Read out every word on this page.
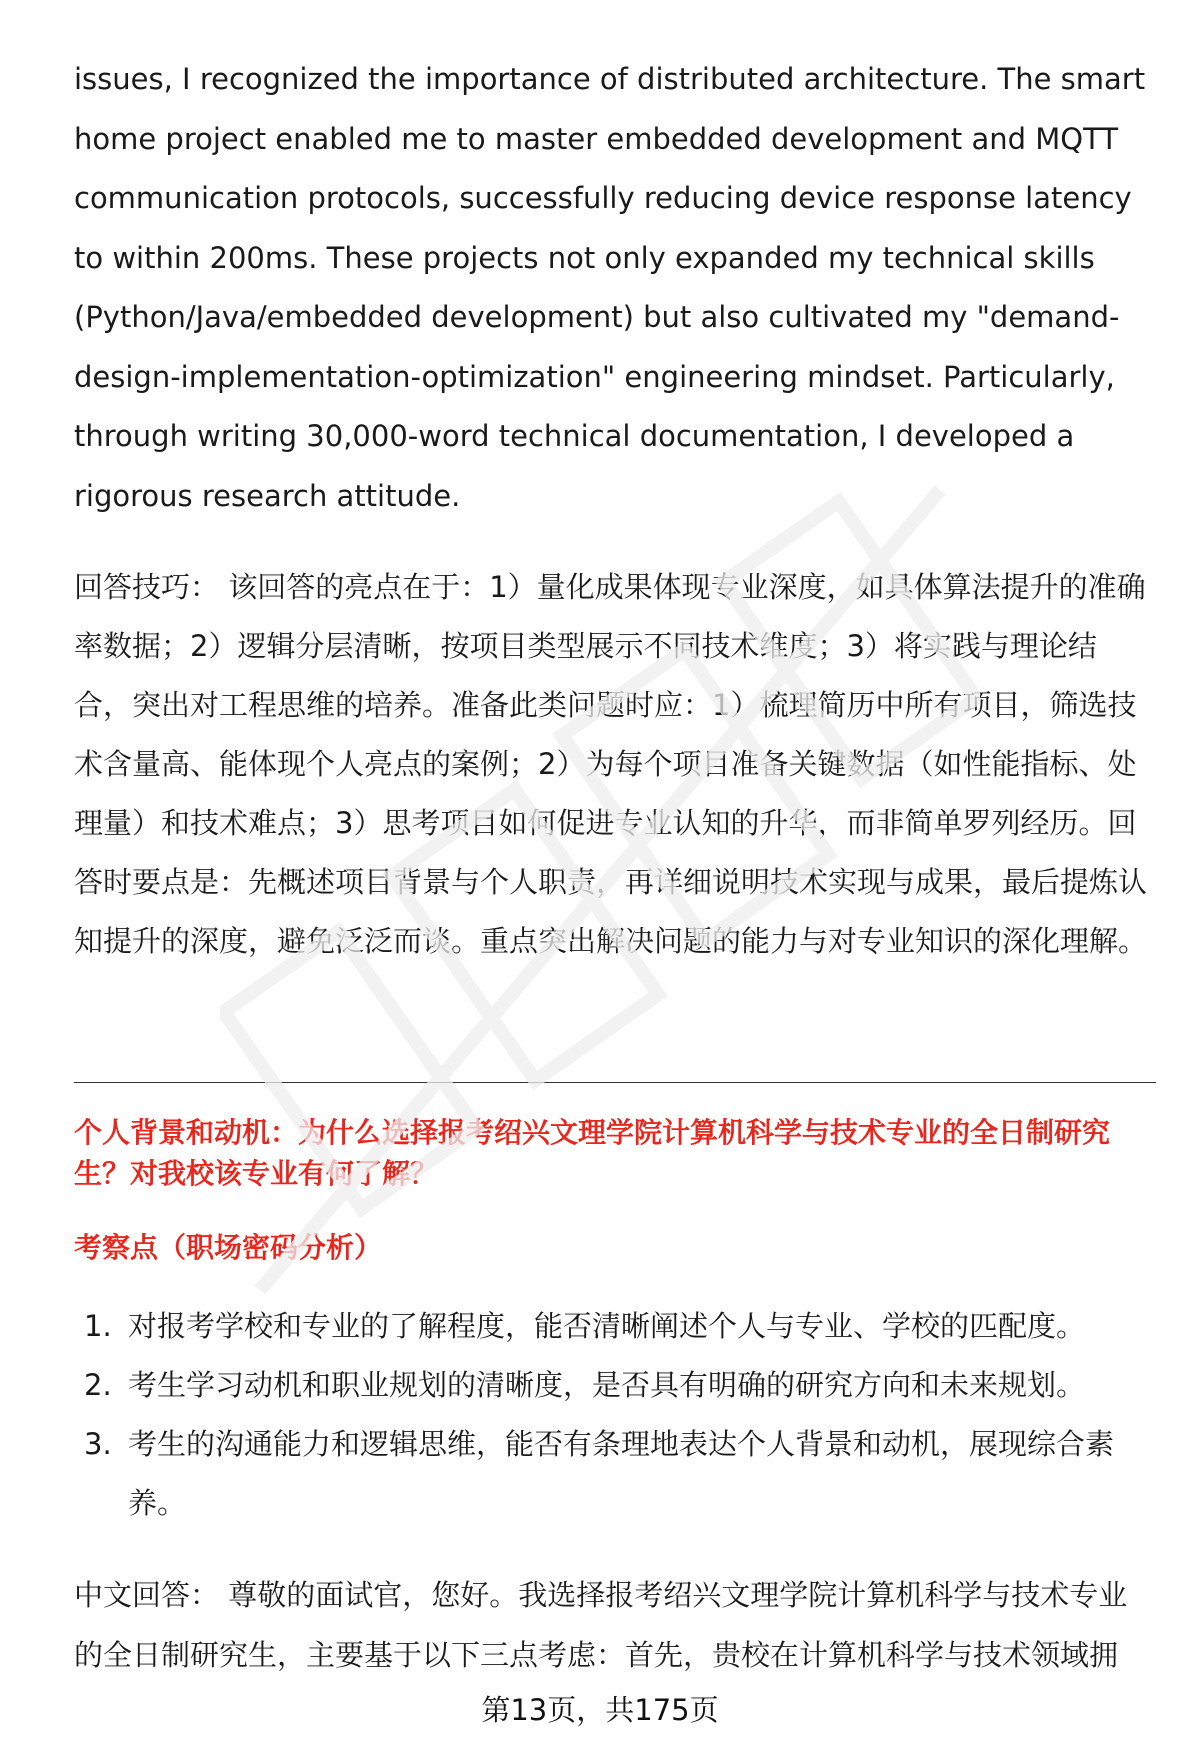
issues, I recognized the importance of distributed architecture. The smart home project enabled me to master embedded development and MQTT communication protocols, successfully reducing device response latency to within 200ms. These projects not only expanded my technical skills (Python/Java/embedded development) but also cultivated my "demand-design-implementation-optimization" engineering mindset. Particularly, through writing 30,000-word technical documentation, I developed a rigorous research attitude.

回答技巧： 该回答的亮点在于：1）量化成果体现专业深度，如具体算法提升的准确率数据；2）逻辑分层清晰，按项目类型展示不同技术维度；3）将实践与理论结合，突出对工程思维的培养。准备此类问题时应：1）梳理简历中所有项目，筛选技术含量高、能体现个人亮点的案例；2）为每个项目准备关键数据（如性能指标、处理量）和技术难点；3）思考项目如何促进专业认知的升华，而非简单罗列经历。回答时要点是：先概述项目背景与个人职责，再详细说明技术实现与成果，最后提炼认知提升的深度，避免泛泛而谈。重点突出解决问题的能力与对专业知识的深化理解。

个人背景和动机：为什么选择报考绍兴文理学院计算机科学与技术专业的全日制研究生？对我校该专业有何了解？

考察点（职场密码分析）

1. 对报考学校和专业的了解程度，能否清晰阐述个人与专业、学校的匹配度。
2. 考生学习动机和职业规划的清晰度，是否具有明确的研究方向和未来规划。
3. 考生的沟通能力和逻辑思维，能否有条理地表达个人背景和动机，展现综合素养。

中文回答： 尊敬的面试官，您好。我选择报考绍兴文理学院计算机科学与技术专业的全日制研究生，主要基于以下三点考虑：首先，贵校在计算机科学与技术领域拥

第13页，共175页
